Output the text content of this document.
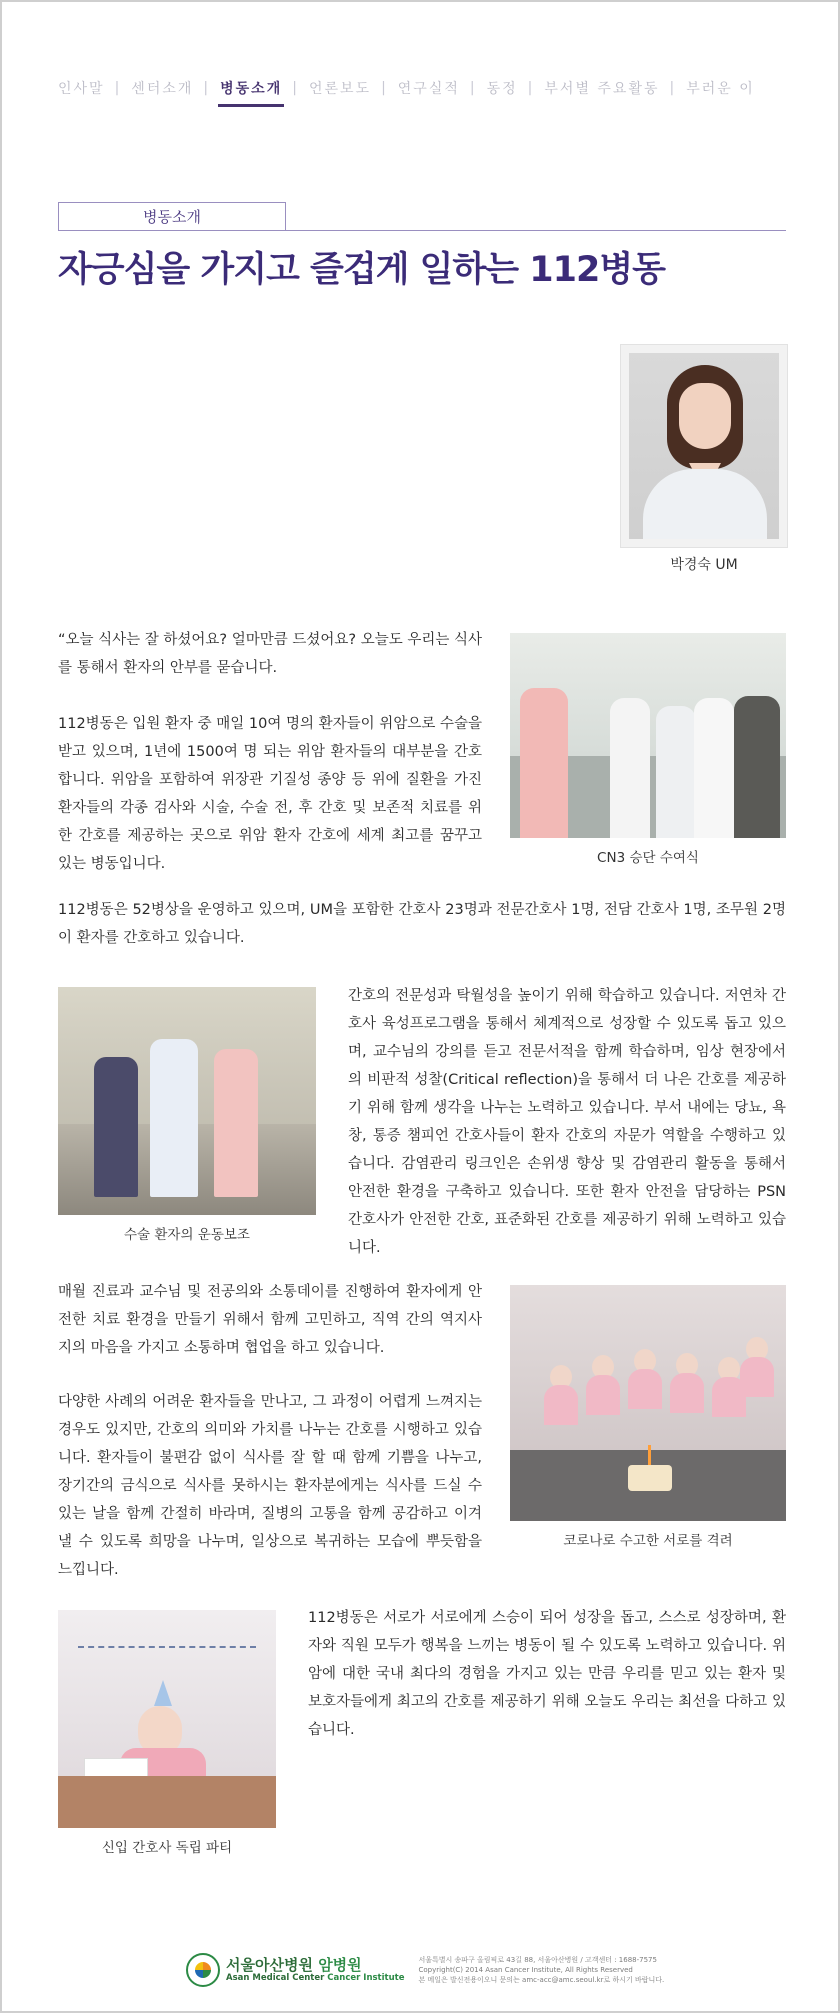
인사말 | 센터소개 | 병동소개 | 언론보도 | 연구실적 | 동정 | 부서별 주요활동 | 부러운 이
병동소개
자긍심을 가지고 즐겁게 일하는 112병동
박경숙 UM

“오늘 식사는 잘 하셨어요? 얼마만큼 드셨어요? 오늘도 우리는 식사를 통해서 환자의 안부를 묻습니다.

112병동은 입원 환자 중 매일 10여 명의 환자들이 위암으로 수술을 받고 있으며, 1년에 1500여 명 되는 위암 환자들의 대부분을 간호합니다. 위암을 포함하여 위장관 기질성 종양 등 위에 질환을 가진 환자들의 각종 검사와 시술, 수술 전, 후 간호 및 보존적 치료를 위한 간호를 제공하는 곳으로 위암 환자 간호에 세계 최고를 꿈꾸고 있는 병동입니다.	CN3 승단 수여식

112병동은 52병상을 운영하고 있으며, UM을 포함한 간호사 23명과 전문간호사 1명, 전담 간호사 1명, 조무원 2명이 환자를 간호하고 있습니다.

수술 환자의 운동보조

간호의 전문성과 탁월성을 높이기 위해 학습하고 있습니다. 저연차 간호사 육성프로그램을 통해서 체계적으로 성장할 수 있도록 돕고 있으며, 교수님의 강의를 듣고 전문서적을 함께 학습하며, 임상 현장에서의 비판적 성찰(Critical reflection)을 통해서 더 나은 간호를 제공하기 위해 함께 생각을 나누는 노력하고 있습니다. 부서 내에는 당뇨, 욕창, 통증 챔피언 간호사들이 환자 간호의 자문가 역할을 수행하고 있습니다. 감염관리 링크인은 손위생 향상 및 감염관리 활동을 통해서 안전한 환경을 구축하고 있습니다. 또한 환자 안전을 담당하는 PSN 간호사가 안전한 간호, 표준화된 간호를 제공하기 위해 노력하고 있습니다.

매월 진료과 교수님 및 전공의와 소통데이를 진행하여 환자에게 안전한 치료 환경을 만들기 위해서 함께 고민하고, 직역 간의 역지사지의 마음을 가지고 소통하며 협업을 하고 있습니다.

다양한 사례의 어려운 환자들을 만나고, 그 과정이 어렵게 느껴지는 경우도 있지만, 간호의 의미와 가치를 나누는 간호를 시행하고 있습니다. 환자들이 불편감 없이 식사를 잘 할 때 함께 기쁨을 나누고, 장기간의 금식으로 식사를 못하시는 환자분에게는 식사를 드실 수 있는 날을 함께 간절히 바라며, 질병의 고통을 함께 공감하고 이겨낼 수 있도록 희망을 나누며, 일상으로 복귀하는 모습에 뿌듯함을 느낍니다.

코로나로 수고한 서로를 격려
신입 간호사 독립 파티

112병동은 서로가 서로에게 스승이 되어 성장을 돕고, 스스로 성장하며, 환자와 직원 모두가 행복을 느끼는 병동이 될 수 있도록 노력하고 있습니다. 위암에 대한 국내 최다의 경험을 가지고 있는 만큼 우리를 믿고 있는 환자 및 보호자들에게 최고의 간호를 제공하기 위해 오늘도 우리는 최선을 다하고 있습니다.

서울아산병원 암병원
Asan Medical Center Cancer Institute
서울특별시 송파구 올림픽로 43길 88, 서울아산병원 / 고객센터 : 1688-7575
Copyright(C) 2014 Asan Cancer Institute, All Rights Reserved
본 메일은 발신전용이오니 문의는 amc-acc@amc.seoul.kr로 하시기 바랍니다.
